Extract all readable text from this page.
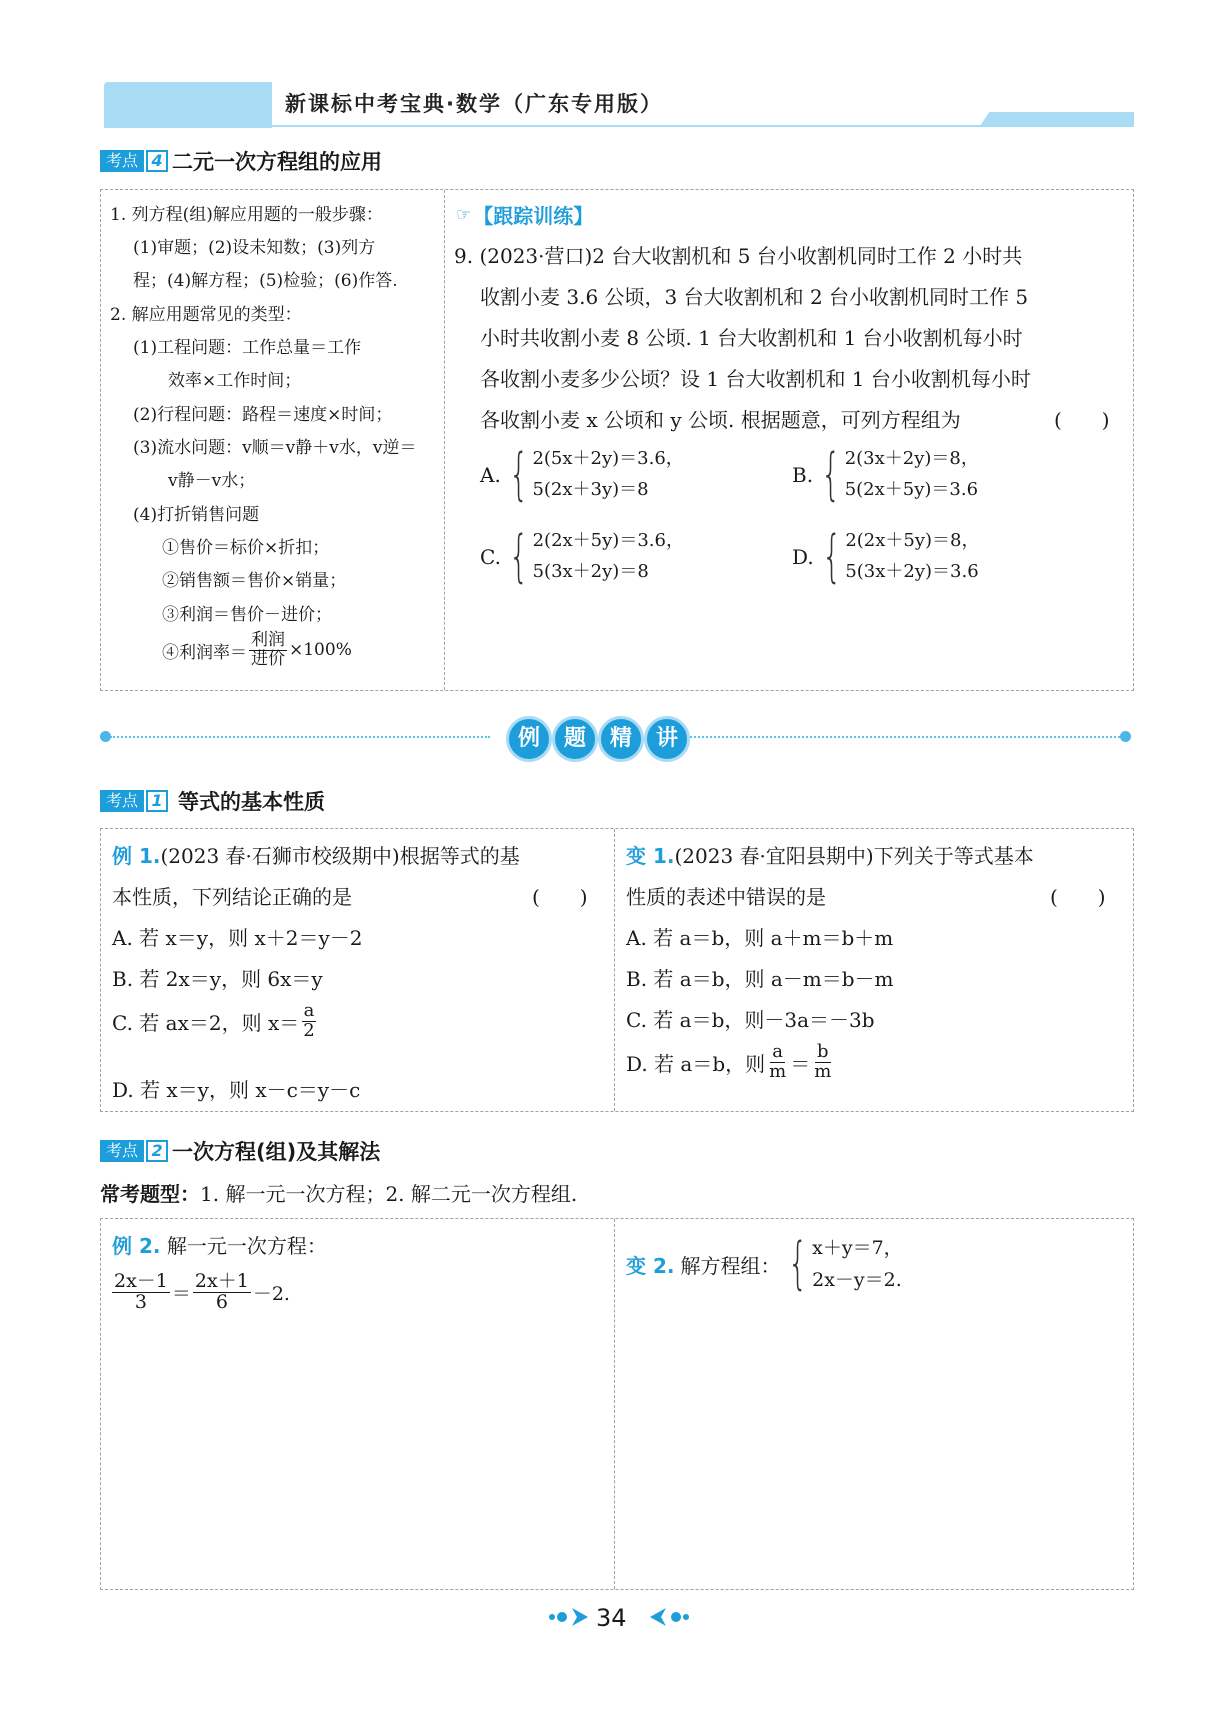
新课标中考宝典·数学（广东专用版）
考点 4 二元一次方程组的应用
1. 列方程(组)解应用题的一般步骤：
(1)审题；(2)设未知数；(3)列方
程；(4)解方程；(5)检验；(6)作答.
2. 解应用题常见的类型：
(1)工程问题：工作总量＝工作
效率×工作时间；
(2)行程问题：路程＝速度×时间；
(3)流水问题：v顺＝v静＋v水，v逆＝
v静－v水；
(4)打折销售问题
①售价＝标价×折扣；
②销售额＝售价×销量；
③利润＝售价－进价；
④利润率＝ $\frac{\text{利润}}{\text{进价}} \times 100\%$
☞ 【跟踪训练】
9. (2023·营口)2 台大收割机和 5 台小收割机同时工作 2 小时共
收割小麦 3.6 公顷，3 台大收割机和 2 台小收割机同时工作 5
小时共收割小麦 8 公顷. 1 台大收割机和 1 台小收割机每小时
各收割小麦多少公顷？设 1 台大收割机和 1 台小收割机每小时
各收割小麦 x 公顷和 y 公顷. 根据题意，可列方程组为	(　　)
A. { 2(5x＋2y)＝3.6，
5(2x＋3y)＝8
B. { 2(3x＋2y)＝8，
5(2x＋5y)＝3.6
C. { 2(2x＋5y)＝3.6，
5(3x＋2y)＝8
D. { 2(2x＋5y)＝8，
5(3x＋2y)＝3.6
例	题	精	讲
考点 1 等式的基本性质
例 1.(2023 春·石狮市校级期中)根据等式的基
本性质，下列结论正确的是	(　　)
A. 若 x＝y，则 x＋2＝y－2
B. 若 2x＝y，则 6x＝y
C. 若 ax＝2，则 $x= \frac{a}{2}$
D. 若 x＝y，则 x－c＝y－c
变 1.(2023 春·宜阳县期中)下列关于等式基本
性质的表述中错误的是	(　　)
A. 若 a＝b，则 a＋m＝b＋m
B. 若 a＝b，则 a－m＝b－m
C. 若 a＝b，则－3a＝－3b
D. 若 a＝b，则 $\frac{a}{m} = \frac{b}{m}$
考点 2 一次方程(组)及其解法
常考题型：1. 解一元一次方程；2. 解二元一次方程组.
例 2. 解一元一次方程：
$\frac{2x-1}{3} = \frac{2x+1}{6} -2$.
变 2. 解方程组： { x＋y＝7，
2x－y＝2.
34
